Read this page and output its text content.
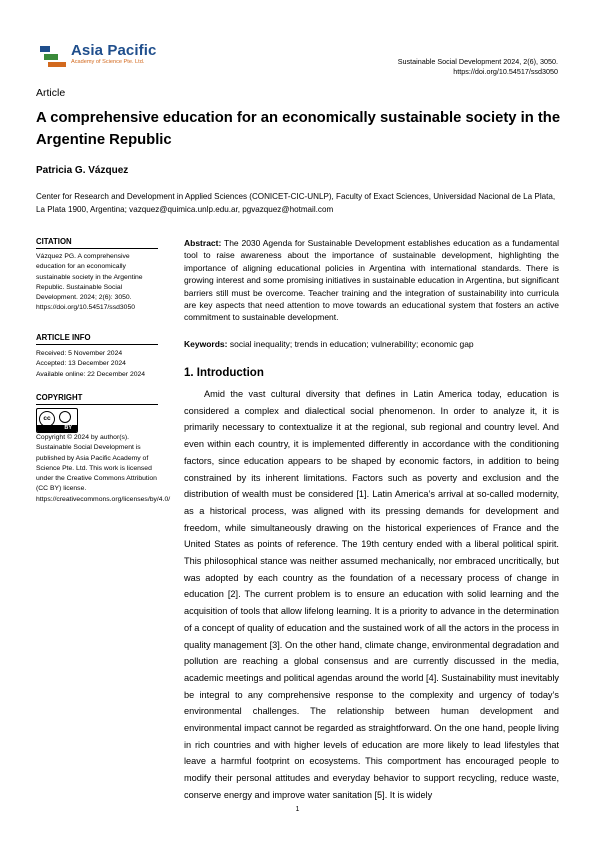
Asia Pacific
Academy of Science Pte. Ltd.	Sustainable Social Development 2024, 2(6), 3050.
https://doi.org/10.54517/ssd3050
Article
A comprehensive education for an economically sustainable society in the Argentine Republic
Patricia G. Vázquez
Center for Research and Development in Applied Sciences (CONICET-CIC-UNLP), Faculty of Exact Sciences, Universidad Nacional de La Plata, La Plata 1900, Argentina; vazquez@quimica.unlp.edu.ar, pgvazquez@hotmail.com
CITATION
Vázquez PG. A comprehensive education for an economically sustainable society in the Argentine Republic. Sustainable Social Development. 2024; 2(6): 3050. https://doi.org/10.54517/ssd3050
ARTICLE INFO
Received: 5 November 2024
Accepted: 13 December 2024
Available online: 22 December 2024
COPYRIGHT
cc
BY
Copyright © 2024 by author(s). Sustainable Social Development is published by Asia Pacific Academy of Science Pte. Ltd. This work is licensed under the Creative Commons Attribution (CC BY) license. https://creativecommons.org/licenses/by/4.0/
Abstract: The 2030 Agenda for Sustainable Development establishes education as a fundamental tool to raise awareness about the importance of sustainable development, highlighting the importance of aligning educational policies in Argentina with international standards. There is growing interest and some promising initiatives in sustainable education in Argentina, but significant barriers still must be overcome. Teacher training and the integration of sustainability into curricula are key aspects that need attention to move towards an educational system that fosters an active commitment to sustainable development.
Keywords: social inequality; trends in education; vulnerability; economic gap
1. Introduction
Amid the vast cultural diversity that defines in Latin America today, education is considered a complex and dialectical social phenomenon. In order to analyze it, it is primarily necessary to contextualize it at the regional, sub regional and country level. And even within each country, it is implemented differently in accordance with the conditioning factors, since education appears to be shaped by economic factors, in addition to being constrained by its inherent limitations. Factors such as poverty and exclusion and the distribution of wealth must be considered [1]. Latin America’s arrival at so-called modernity, as a historical process, was aligned with its pressing demands for development and freedom, while simultaneously drawing on the historical experiences of France and the United States as points of reference. The 19th century ended with a liberal political spirit. This philosophical stance was neither assumed mechanically, nor embraced uncritically, but was adopted by each country as the foundation of a necessary process of change in education [2]. The current problem is to ensure an education with solid learning and the acquisition of tools that allow lifelong learning. It is a priority to advance in the determination of a concept of quality of education and the sustained work of all the actors in the process in quality management [3]. On the other hand, climate change, environmental degradation and pollution are reaching a global consensus and are currently discussed in the media, academic meetings and political agendas around the world [4]. Sustainability must inevitably be integral to any comprehensive response to the complexity and urgency of today’s environmental challenges. The relationship between human development and environmental impact cannot be regarded as straightforward. On the one hand, people living in rich countries and with higher levels of education are more likely to lead lifestyles that leave a harmful footprint on ecosystems. This comportment has encouraged people to modify their personal attitudes and everyday behavior to support recycling, reduce waste, conserve energy and improve water sanitation [5]. It is widely
1
